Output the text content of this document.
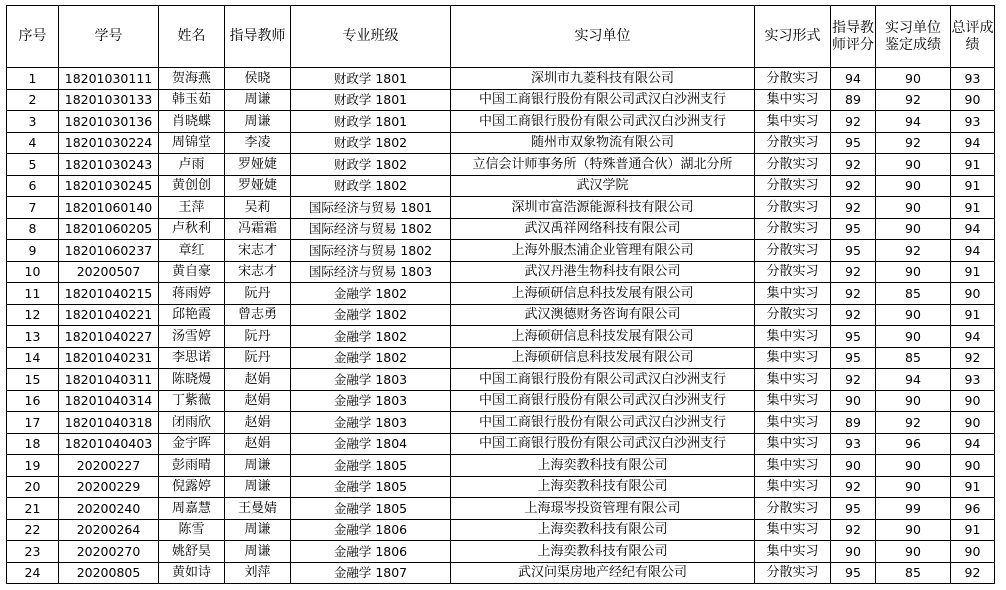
序号	学号	姓名	指导教师	专业班级	实习单位	实习形式	指导教师评分	实习单位 鉴定成绩	总评成绩
1	18201030111	贺海燕	侯晓	财政学 1801	深圳市九菱科技有限公司	分散实习	94	90	93
2	18201030133	韩玉茹	周谦	财政学 1801	中国工商银行股份有限公司武汉白沙洲支行	集中实习	89	92	90
3	18201030136	肖晓蝶	周谦	财政学 1801	中国工商银行股份有限公司武汉白沙洲支行	集中实习	92	94	93
4	18201030224	周锦堂	李凌	财政学 1802	随州市双象物流有限公司	分散实习	95	92	94
5	18201030243	卢雨	罗娅婕	财政学 1802	立信会计师事务所（特殊普通合伙）湖北分所	分散实习	92	90	91
6	18201030245	黄创创	罗娅婕	财政学 1802	武汉学院	分散实习	92	90	91
7	18201060140	王萍	吴莉	国际经济与贸易 1801	深圳市富浩源能源科技有限公司	分散实习	92	90	91
8	18201060205	卢秋利	冯霜霜	国际经济与贸易 1802	武汉禹祥网络科技有限公司	分散实习	95	90	94
9	18201060237	章红	宋志才	国际经济与贸易 1802	上海外服杰浦企业管理有限公司	分散实习	95	92	94
10	20200507	黄自豪	宋志才	国际经济与贸易 1803	武汉丹港生物科技有限公司	分散实习	92	90	91
11	18201040215	蒋雨婷	阮丹	金融学 1802	上海硕研信息科技发展有限公司	集中实习	92	85	90
12	18201040221	邱艳霞	曾志勇	金融学 1802	武汉澳德财务咨询有限公司	分散实习	92	90	91
13	18201040227	汤雪婷	阮丹	金融学 1802	上海硕研信息科技发展有限公司	集中实习	95	90	94
14	18201040231	李思诺	阮丹	金融学 1802	上海硕研信息科技发展有限公司	集中实习	95	85	92
15	18201040311	陈晓熳	赵娟	金融学 1803	中国工商银行股份有限公司武汉白沙洲支行	集中实习	92	94	93
16	18201040314	丁紫薇	赵娟	金融学 1803	中国工商银行股份有限公司武汉白沙洲支行	集中实习	90	90	90
17	18201040318	闭雨欣	赵娟	金融学 1803	中国工商银行股份有限公司武汉白沙洲支行	集中实习	89	92	90
18	18201040403	金宇晖	赵娟	金融学 1804	中国工商银行股份有限公司武汉白沙洲支行	集中实习	93	96	94
19	20200227	彭雨晴	周谦	金融学 1805	上海奕教科技有限公司	集中实习	90	90	90
20	20200229	倪露婷	周谦	金融学 1805	上海奕教科技有限公司	集中实习	92	90	91
21	20200240	周嘉慧	王曼婧	金融学 1805	上海璟岑投资管理有限公司	分散实习	95	99	96
22	20200264	陈雪	周谦	金融学 1806	上海奕教科技有限公司	集中实习	92	90	91
23	20200270	姚舒昊	周谦	金融学 1806	上海奕教科技有限公司	集中实习	90	90	90
24	20200805	黄如诗	刘萍	金融学 1807	武汉问渠房地产经纪有限公司	分散实习	95	85	92
